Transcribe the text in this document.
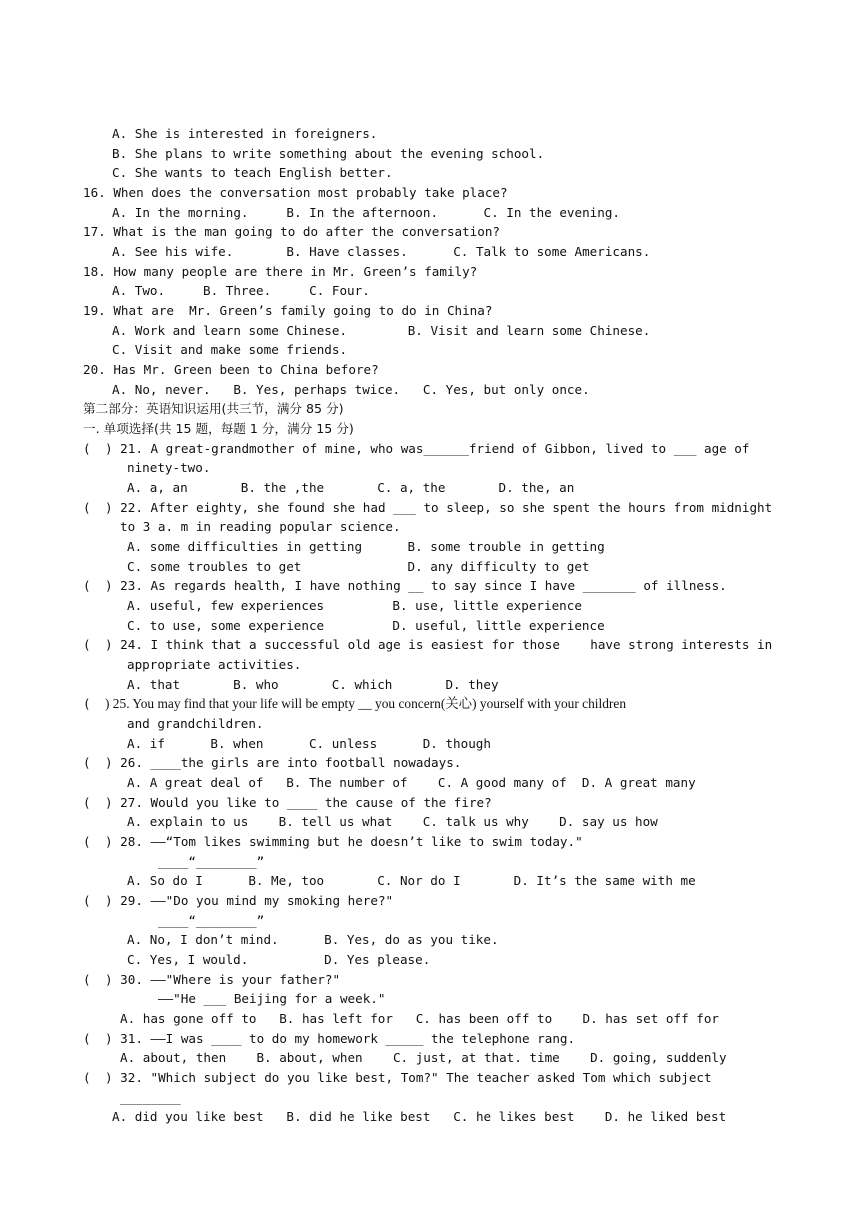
A. She is interested in foreigners.
B. She plans to write something about the evening school.
C. She wants to teach English better.
16. When does the conversation most probably take place?
A. In the morning.     B. In the afternoon.      C. In the evening.
17. What is the man going to do after the conversation?
A. See his wife.       B. Have classes.      C. Talk to some Americans.
18. How many people are there in Mr. Green’s family?
A. Two.     B. Three.     C. Four.
19. What are  Mr. Green’s family going to do in China?
A. Work and learn some Chinese.        B. Visit and learn some Chinese.
C. Visit and make some friends.
20. Has Mr. Green been to China before?
A. No, never.   B. Yes, perhaps twice.   C. Yes, but only once.
第二部分：英语知识运用(共三节，满分 85 分)
一. 单项选择(共 15 题，每题 1 分，满分 15 分)
( ) 21. A great-grandmother of mine, who was______friend of Gibbon, lived to ___ age of
ninety-two.
A. a, an       B. the ,the       C. a, the       D. the, an
( ) 22. After eighty, she found she had ___ to sleep, so she spent the hours from midnight
to 3 a. m in reading popular science.
A. some difficulties in getting      B. some trouble in getting
C. some troubles to get              D. any difficulty to get
( ) 23. As regards health, I have nothing __ to say since I have _______ of illness.
A. useful, few experiences         B. use, little experience
C. to use, some experience         D. useful, little experience
( ) 24. I think that a successful old age is easiest for those    have strong interests in
appropriate activities.
A. that       B. who       C. which       D. they
( ) 25. You may find that your life will be empty __ you concern(关心) yourself with your children
and grandchildren.
A. if      B. when      C. unless      D. though
( ) 26. ____the girls are into football nowadays.
A. A great deal of   B. The number of    C. A good many of  D. A great many
( ) 27. Would you like to ____ the cause of the fire?
A. explain to us    B. tell us what    C. talk us why    D. say us how
( ) 28. ——“Tom likes swimming but he doesn’t like to swim today."
____“________”
A. So do I      B. Me, too       C. Nor do I       D. It’s the same with me
( ) 29. ——"Do you mind my smoking here?"
____“________”
A. No, I don’t mind.      B. Yes, do as you tike.
C. Yes, I would.          D. Yes please.
( ) 30. ——"Where is your father?"
——"He ___ Beijing for a week."
A. has gone off to   B. has left for   C. has been off to    D. has set off for
( ) 31. ——I was ____ to do my homework _____ the telephone rang.
A. about, then    B. about, when    C. just, at that. time    D. going, suddenly
( ) 32. "Which subject do you like best, Tom?" The teacher asked Tom which subject
________
A. did you like best   B. did he like best   C. he likes best    D. he liked best
